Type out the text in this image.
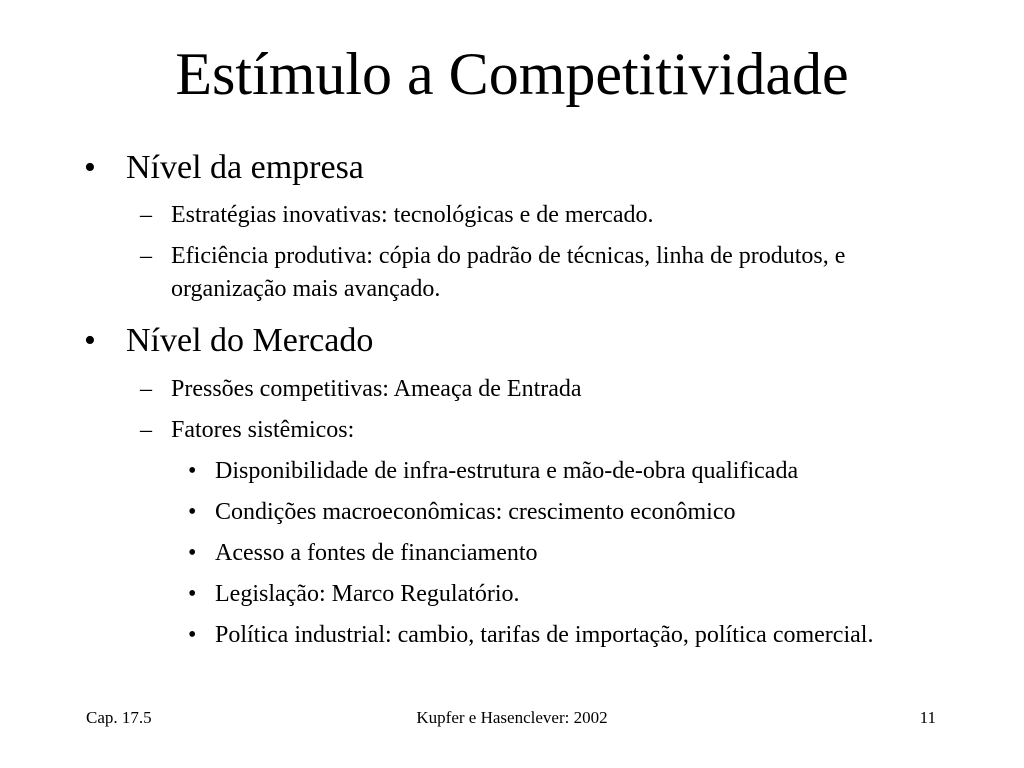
Estímulo a Competitividade
• Nível da empresa
– Estratégias inovativas: tecnológicas e de mercado.
– Eficiência produtiva: cópia do padrão de técnicas, linha de produtos, e organização mais avançado.
• Nível do Mercado
– Pressões competitivas: Ameaça de Entrada
– Fatores sistêmicos:
• Disponibilidade de infra-estrutura e mão-de-obra qualificada
• Condições macroeconômicas: crescimento econômico
• Acesso a fontes de financiamento
• Legislação: Marco Regulatório.
• Política industrial: cambio, tarifas de importação, política comercial.
Cap. 17.5	Kupfer e Hasenclever: 2002	11
